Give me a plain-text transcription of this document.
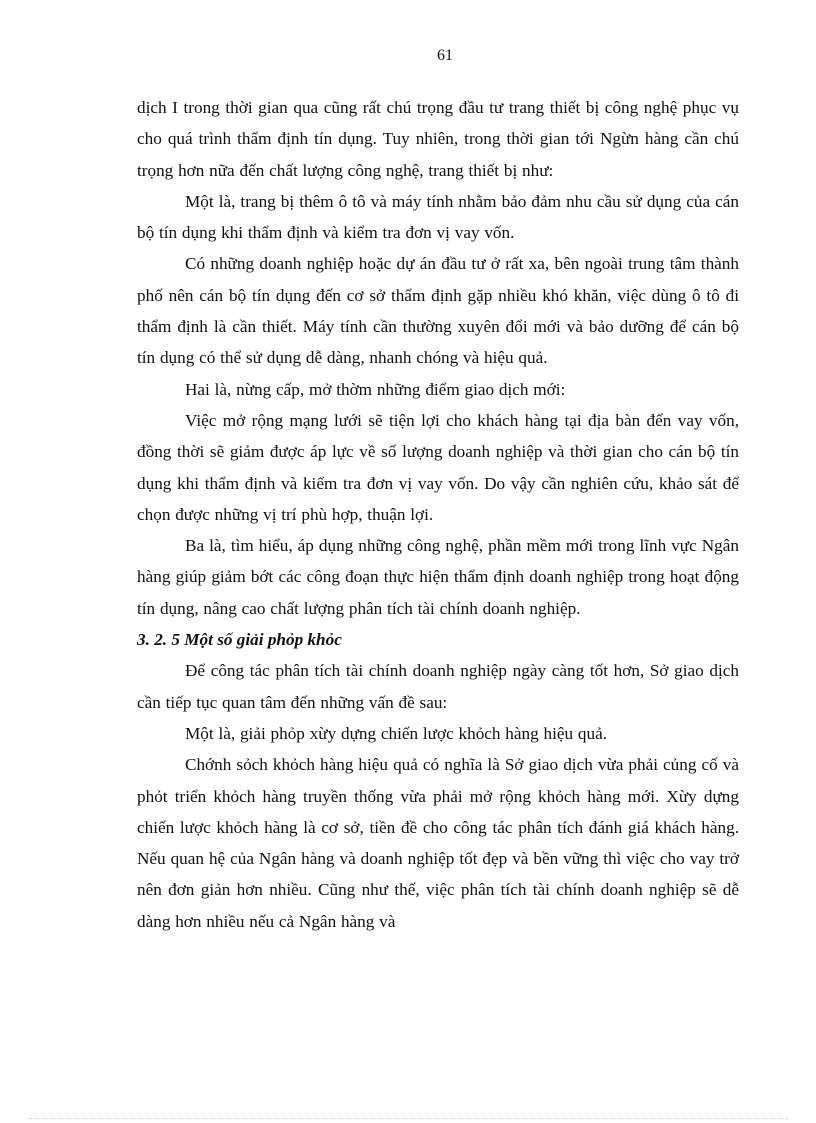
61

dịch I trong thời gian qua cũng rất chú trọng đầu tư trang thiết bị công nghệ phục vụ cho quá trình thẩm định tín dụng. Tuy nhiên, trong thời gian tới Ngừn hàng cần chú trọng hơn nữa đến chất lượng công nghệ, trang thiết bị như:

Một là, trang bị thêm ô tô và máy tính nhằm bảo đảm nhu cầu sử dụng của cán bộ tín dụng khi thẩm định và kiểm tra đơn vị vay vốn.

Có những doanh nghiệp hoặc dự án đầu tư ở rất xa, bên ngoài trung tâm thành phố nên cán bộ tín dụng đến cơ sở thẩm định gặp nhiều khó khăn, việc dùng ô tô đi thẩm định là cần thiết. Máy tính cần thường xuyên đổi mới và bảo dưỡng để cán bộ tín dụng có thể sử dụng dễ dàng, nhanh chóng và hiệu quả.

Hai là, nừng cấp, mở thờm những điểm giao dịch mới:

Việc mở rộng mạng lưới sẽ tiện lợi cho khách hàng tại địa bàn đến vay vốn, đồng thời sẽ giảm được áp lực về số lượng doanh nghiệp và thời gian cho cán bộ tín dụng khi thẩm định và kiểm tra đơn vị vay vốn. Do vậy cần nghiên cứu, khảo sát để chọn được những vị trí phù hợp, thuận lợi.

Ba là, tìm hiểu, áp dụng những công nghệ, phần mềm mới trong lĩnh vực Ngân hàng giúp giảm bớt các công đoạn thực hiện thẩm định doanh nghiệp trong hoạt động tín dụng, nâng cao chất lượng phân tích tài chính doanh nghiệp.

3. 2. 5 Một số giải phỏp khỏc

Để công tác phân tích tài chính doanh nghiệp ngày càng tốt hơn, Sở giao dịch cần tiếp tục quan tâm đến những vấn đề sau:

Một là, giải phỏp xừy dựng chiến lược khỏch hàng hiệu quả.

Chớnh sỏch khỏch hàng hiệu quả có nghĩa là Sở giao dịch vừa phải củng cố và phỏt triển khỏch hàng truyền thống vừa phải mở rộng khỏch hàng mới. Xừy dựng chiến lược khỏch hàng là cơ sở, tiền đề cho công tác phân tích đánh giá khách hàng. Nếu quan hệ của Ngân hàng và doanh nghiệp tốt đẹp và bền vững thì việc cho vay trở nên đơn giản hơn nhiều. Cũng như thế, việc phân tích tài chính doanh nghiệp sẽ dễ dàng hơn nhiều nếu cả Ngân hàng và
